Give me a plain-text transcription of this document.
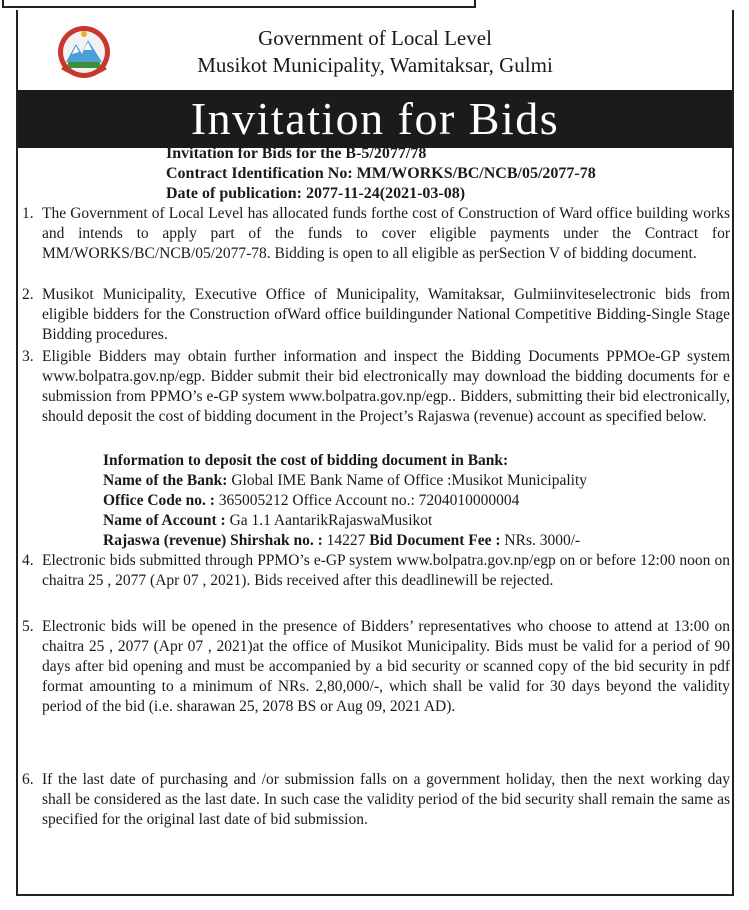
Government of Local Level
Musikot Municipality, Wamitaksar, Gulmi
Invitation for Bids
Invitation for Bids for the B-5/2077/78
Contract Identification No: MM/WORKS/BC/NCB/05/2077-78
Date of publication: 2077-11-24(2021-03-08)
1. The Government of Local Level has allocated funds forthe cost of Construction of Ward office building works and intends to apply part of the funds to cover eligible payments under the Contract for MM/WORKS/BC/NCB/05/2077-78. Bidding is open to all eligible as perSection V of bidding document.
2. Musikot Municipality, Executive Office of Municipality, Wamitaksar, Gulmiinviteselectronic bids from eligible bidders for the Construction ofWard office buildingunder National Competitive Bidding-Single Stage Bidding procedures.
3. Eligible Bidders may obtain further information and inspect the Bidding Documents PPMOe-GP system www.bolpatra.gov.np/egp. Bidder submit their bid electronically may download the bidding documents for e submission from PPMO’s e-GP system www.bolpatra.gov.np/egp.. Bidders, submitting their bid electronically, should deposit the cost of bidding document in the Project’s Rajaswa (revenue) account as specified below.
Information to deposit the cost of bidding document in Bank:
Name of the Bank: Global IME Bank Name of Office :Musikot Municipality
Office Code no. : 365005212 Office Account no.: 7204010000004
Name of Account : Ga 1.1 AantarikRajaswaMusikot
Rajaswa (revenue) Shirshak no. : 14227 Bid Document Fee : NRs. 3000/-
4. Electronic bids submitted through PPMO’s e-GP system www.bolpatra.gov.np/egp on or before 12:00 noon on chaitra 25 , 2077 (Apr 07 , 2021). Bids received after this deadlinewill be rejected.
5. Electronic bids will be opened in the presence of Bidders’ representatives who choose to attend at 13:00 on chaitra 25 , 2077 (Apr 07 , 2021)at the office of Musikot Municipality. Bids must be valid for a period of 90 days after bid opening and must be accompanied by a bid security or scanned copy of the bid security in pdf format amounting to a minimum of NRs. 2,80,000/-, which shall be valid for 30 days beyond the validity period of the bid (i.e. sharawan 25, 2078 BS or Aug 09, 2021 AD).
6. If the last date of purchasing and /or submission falls on a government holiday, then the next working day shall be considered as the last date. In such case the validity period of the bid security shall remain the same as specified for the original last date of bid submission.
